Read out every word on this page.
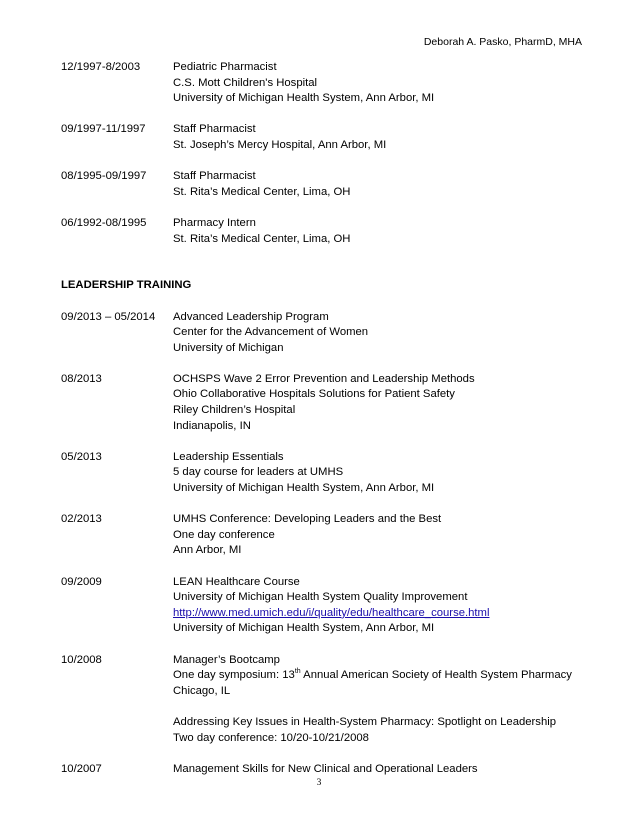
Deborah A. Pasko, PharmD, MHA
12/1997-8/2003	Pediatric Pharmacist
C.S. Mott Children's Hospital
University of Michigan Health System, Ann Arbor, MI
09/1997-11/1997	Staff Pharmacist
St. Joseph’s Mercy Hospital, Ann Arbor, MI
08/1995-09/1997	Staff Pharmacist
St. Rita’s Medical Center, Lima, OH
06/1992-08/1995	Pharmacy Intern
St. Rita’s Medical Center, Lima, OH
LEADERSHIP TRAINING
09/2013 – 05/2014	Advanced Leadership Program
Center for the Advancement of Women
University of Michigan
08/2013	OCHSPS Wave 2 Error Prevention and Leadership Methods
Ohio Collaborative Hospitals Solutions for Patient Safety
Riley Children’s Hospital
Indianapolis, IN
05/2013	Leadership Essentials
5 day course for leaders at UMHS
University of Michigan Health System, Ann Arbor, MI
02/2013	UMHS Conference: Developing Leaders and the Best
One day conference
Ann Arbor, MI
09/2009	LEAN Healthcare Course
University of Michigan Health System Quality Improvement
http://www.med.umich.edu/i/quality/edu/healthcare_course.html
University of Michigan Health System, Ann Arbor, MI
10/2008	Manager’s Bootcamp
One day symposium: 13th Annual American Society of Health System Pharmacy
Chicago, IL
Addressing Key Issues in Health-System Pharmacy: Spotlight on Leadership
Two day conference: 10/20-10/21/2008
10/2007	Management Skills for New Clinical and Operational Leaders
3
